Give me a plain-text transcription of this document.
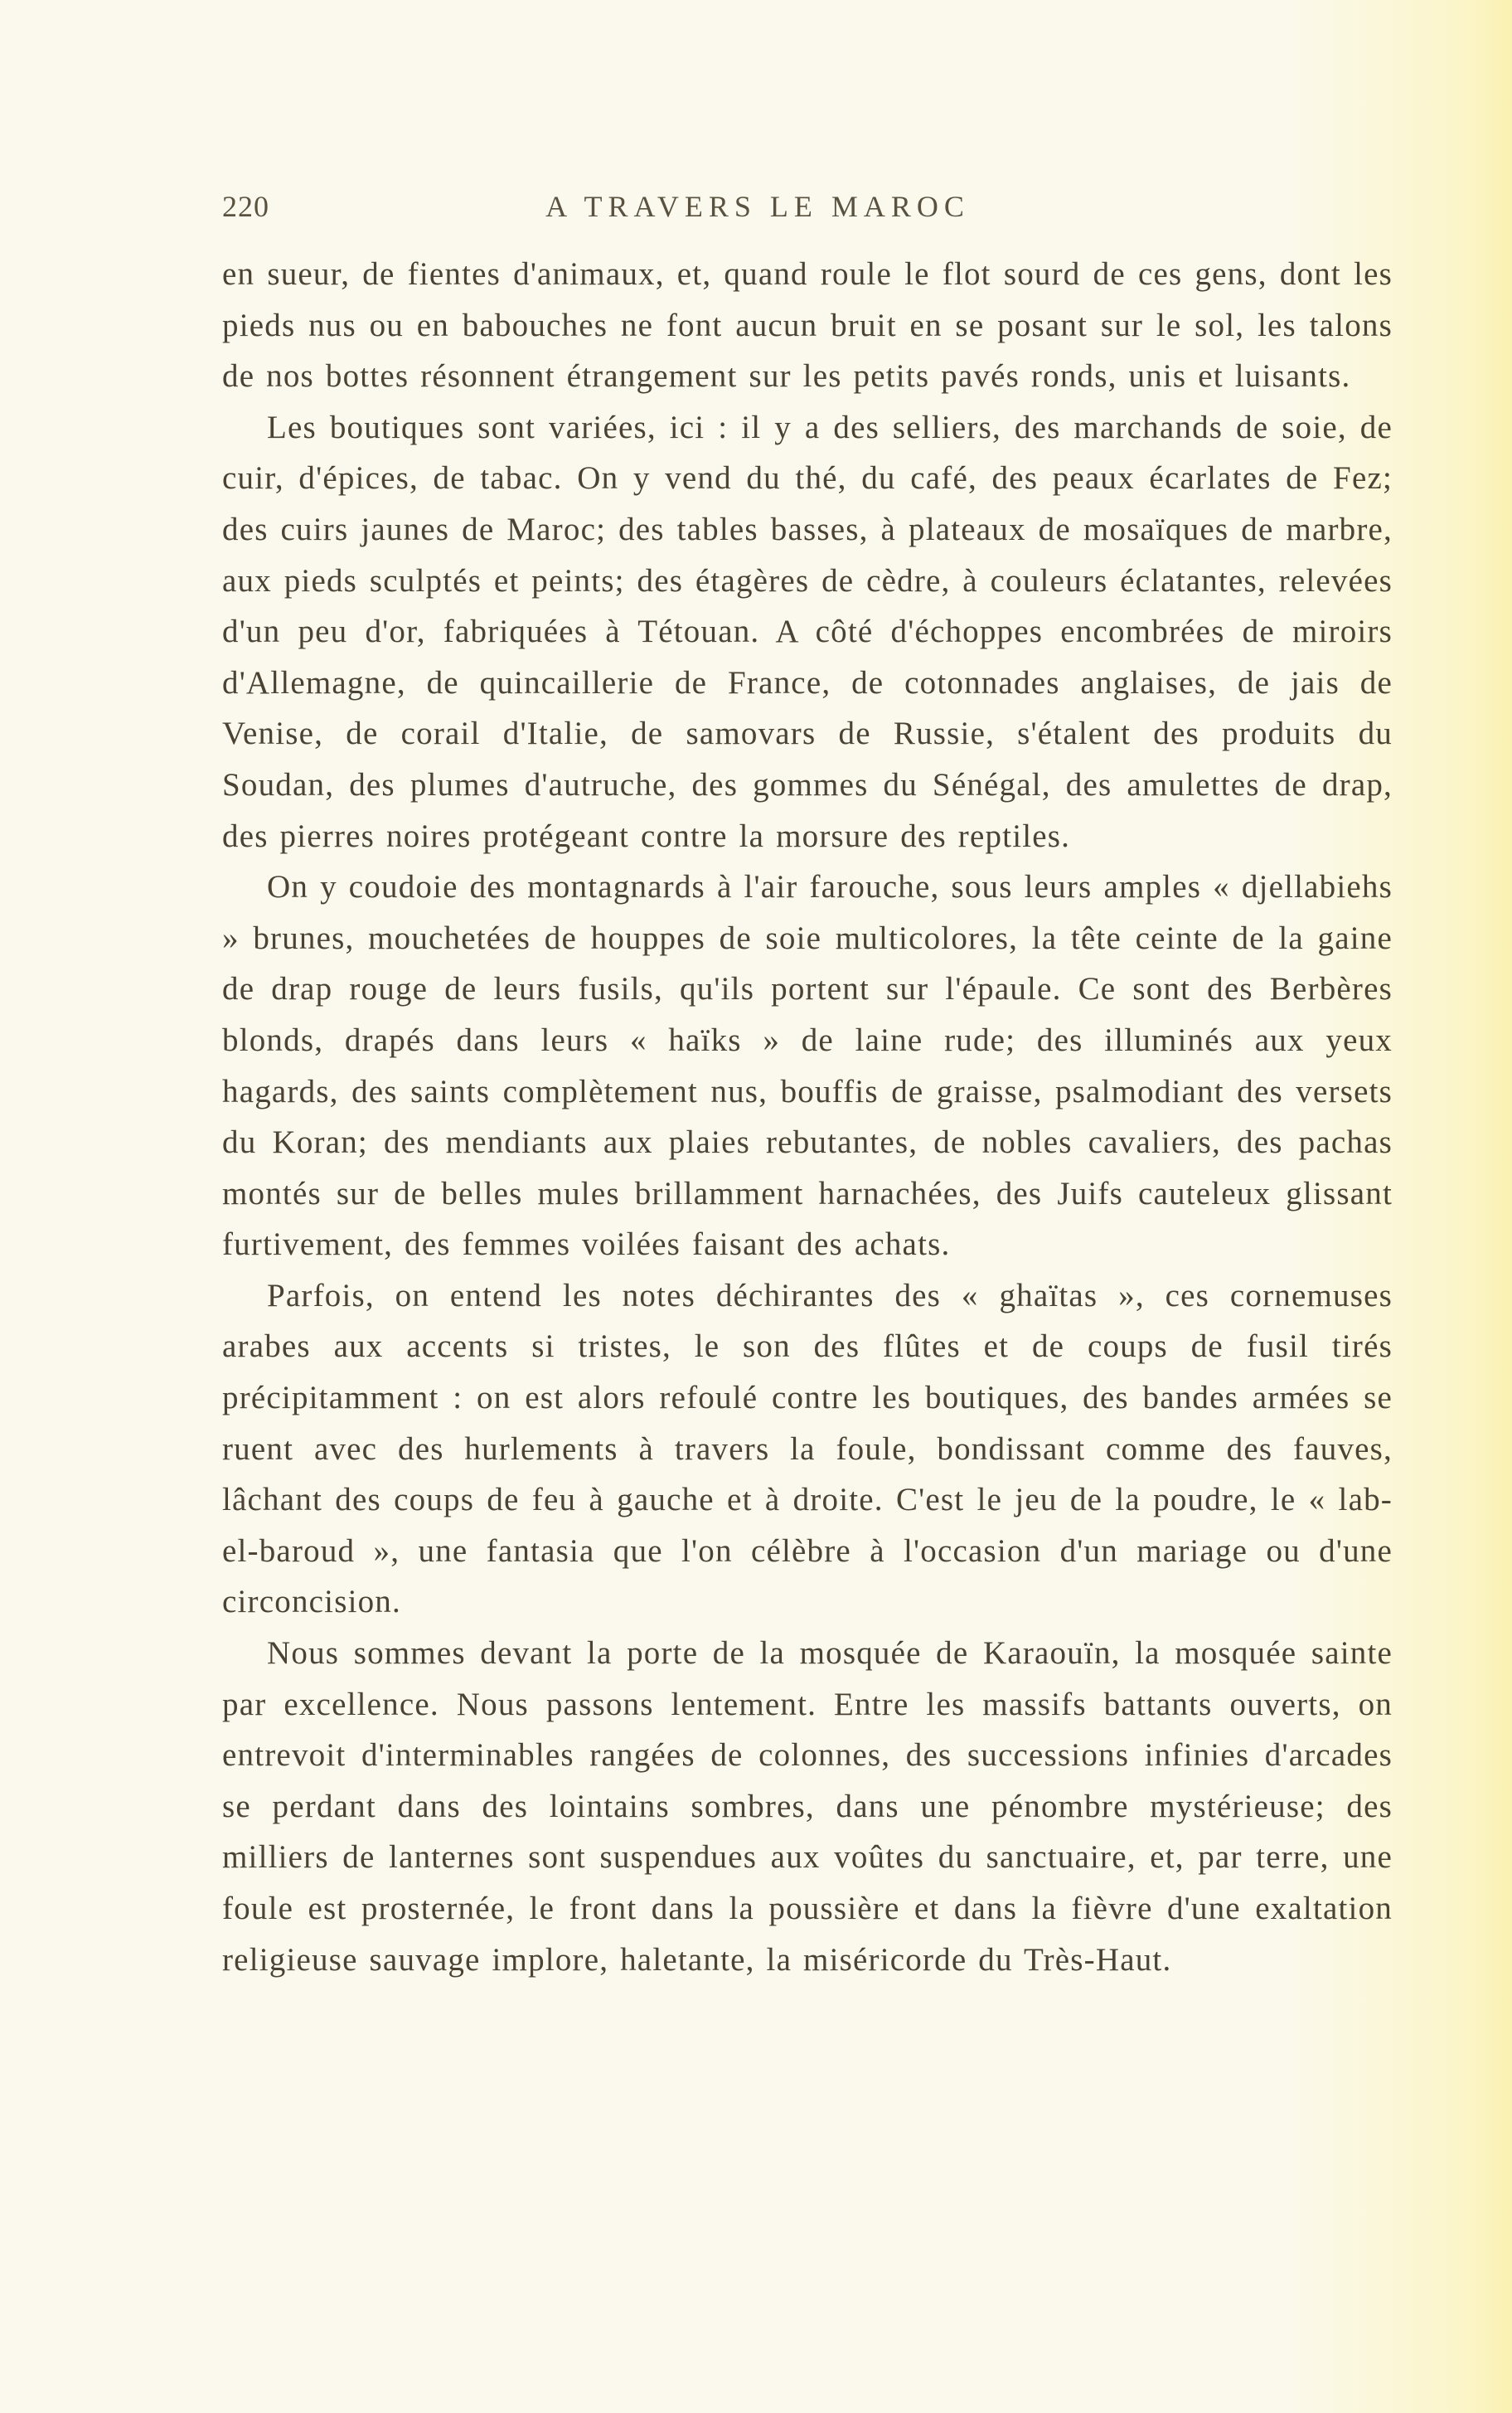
220	A TRAVERS LE MAROC

en sueur, de fientes d'animaux, et, quand roule le flot sourd de ces gens, dont les pieds nus ou en babouches ne font aucun bruit en se posant sur le sol, les talons de nos bottes résonnent étrangement sur les petits pavés ronds, unis et luisants.

Les boutiques sont variées, ici : il y a des selliers, des marchands de soie, de cuir, d'épices, de tabac. On y vend du thé, du café, des peaux écarlates de Fez; des cuirs jaunes de Maroc; des tables basses, à plateaux de mosaïques de marbre, aux pieds sculptés et peints; des étagères de cèdre, à couleurs éclatantes, relevées d'un peu d'or, fabriquées à Tétouan. A côté d'échoppes encombrées de miroirs d'Allemagne, de quincaillerie de France, de cotonnades anglaises, de jais de Venise, de corail d'Italie, de samovars de Russie, s'étalent des produits du Soudan, des plumes d'autruche, des gommes du Sénégal, des amulettes de drap, des pierres noires protégeant contre la morsure des reptiles.

On y coudoie des montagnards à l'air farouche, sous leurs amples « djellabiehs » brunes, mouchetées de houppes de soie multicolores, la tête ceinte de la gaine de drap rouge de leurs fusils, qu'ils portent sur l'épaule. Ce sont des Berbères blonds, drapés dans leurs « haïks » de laine rude; des illuminés aux yeux hagards, des saints complètement nus, bouffis de graisse, psalmodiant des versets du Koran; des mendiants aux plaies rebutantes, de nobles cavaliers, des pachas montés sur de belles mules brillamment harnachées, des Juifs cauteleux glissant furtivement, des femmes voilées faisant des achats.

Parfois, on entend les notes déchirantes des « ghaïtas », ces cornemuses arabes aux accents si tristes, le son des flûtes et de coups de fusil tirés précipitamment : on est alors refoulé contre les boutiques, des bandes armées se ruent avec des hurlements à travers la foule, bondissant comme des fauves, lâchant des coups de feu à gauche et à droite. C'est le jeu de la poudre, le « lab-el-baroud », une fantasia que l'on célèbre à l'occasion d'un mariage ou d'une circoncision.

Nous sommes devant la porte de la mosquée de Karaouïn, la mosquée sainte par excellence. Nous passons lentement. Entre les massifs battants ouverts, on entrevoit d'interminables rangées de colonnes, des successions infinies d'arcades se perdant dans des lointains sombres, dans une pénombre mystérieuse; des milliers de lanternes sont suspendues aux voûtes du sanctuaire, et, par terre, une foule est prosternée, le front dans la poussière et dans la fièvre d'une exaltation religieuse sauvage implore, haletante, la miséricorde du Très-Haut.
